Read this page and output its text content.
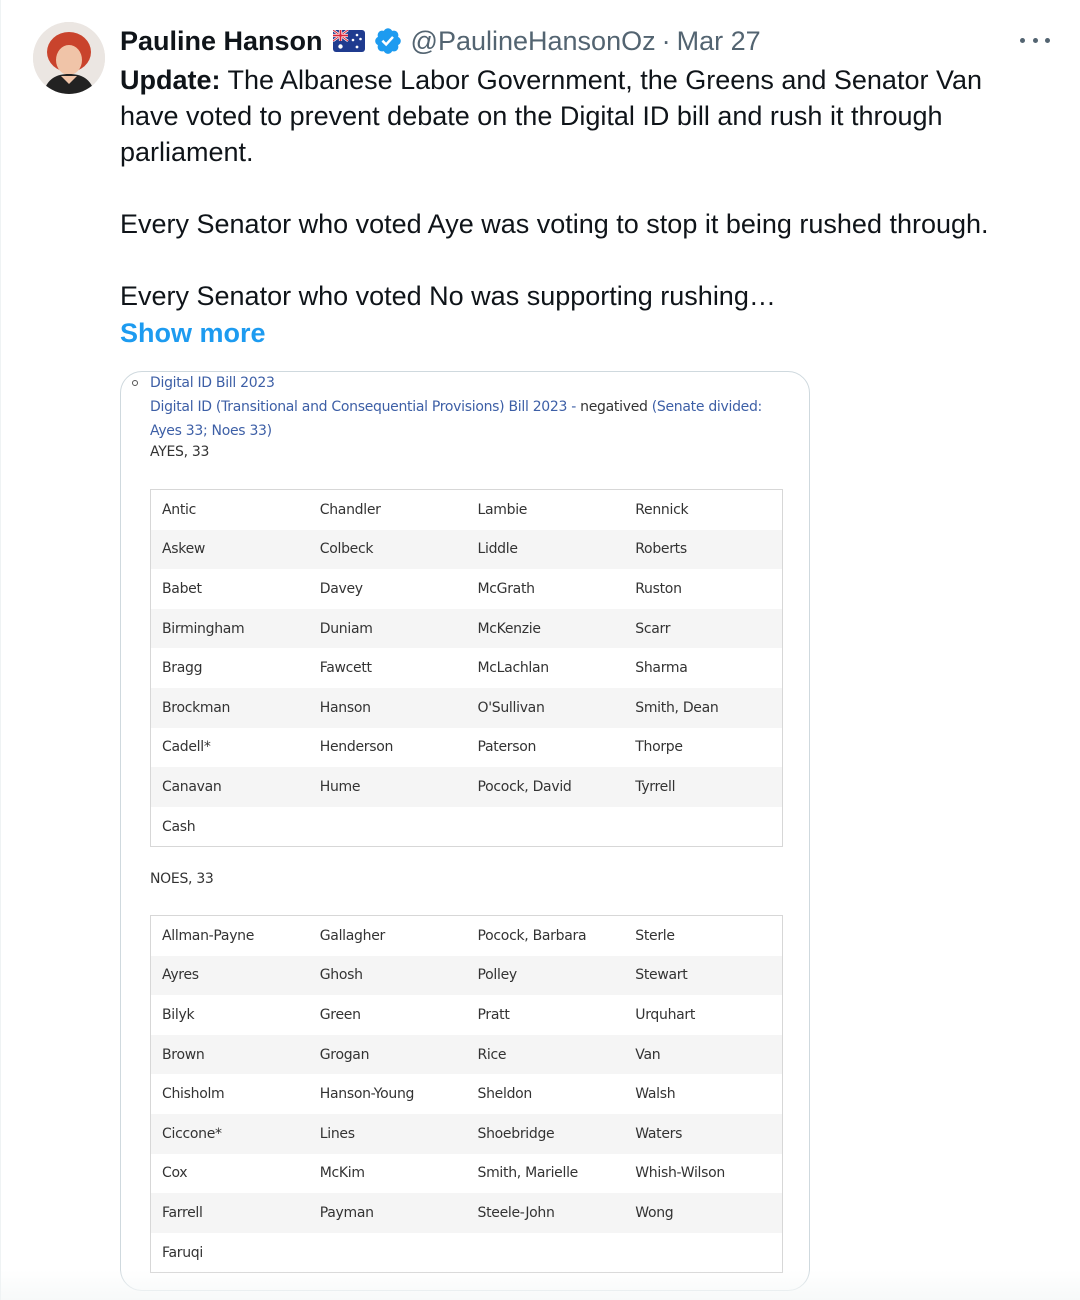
Pauline Hanson	@PaulineHansonOz · Mar 27

Update: The Albanese Labor Government, the Greens and Senator Van have voted to prevent debate on the Digital ID bill and rush it through parliament.

Every Senator who voted Aye was voting to stop it being rushed through.

Every Senator who voted No was supporting rushing…

Show more
Digital ID Bill 2023
Digital ID (Transitional and Consequential Provisions) Bill 2023 - negatived (Senate divided: Ayes 33; Noes 33)
AYES, 33
Antic	Chandler	Lambie	Rennick
Askew	Colbeck	Liddle	Roberts
Babet	Davey	McGrath	Ruston
Birmingham	Duniam	McKenzie	Scarr
Bragg	Fawcett	McLachlan	Sharma
Brockman	Hanson	O'Sullivan	Smith, Dean
Cadell*	Henderson	Paterson	Thorpe
Canavan	Hume	Pocock, David	Tyrrell
Cash
NOES, 33
Allman-Payne	Gallagher	Pocock, Barbara	Sterle
Ayres	Ghosh	Polley	Stewart
Bilyk	Green	Pratt	Urquhart
Brown	Grogan	Rice	Van
Chisholm	Hanson-Young	Sheldon	Walsh
Ciccone*	Lines	Shoebridge	Waters
Cox	McKim	Smith, Marielle	Whish-Wilson
Farrell	Payman	Steele-John	Wong
Faruqi
